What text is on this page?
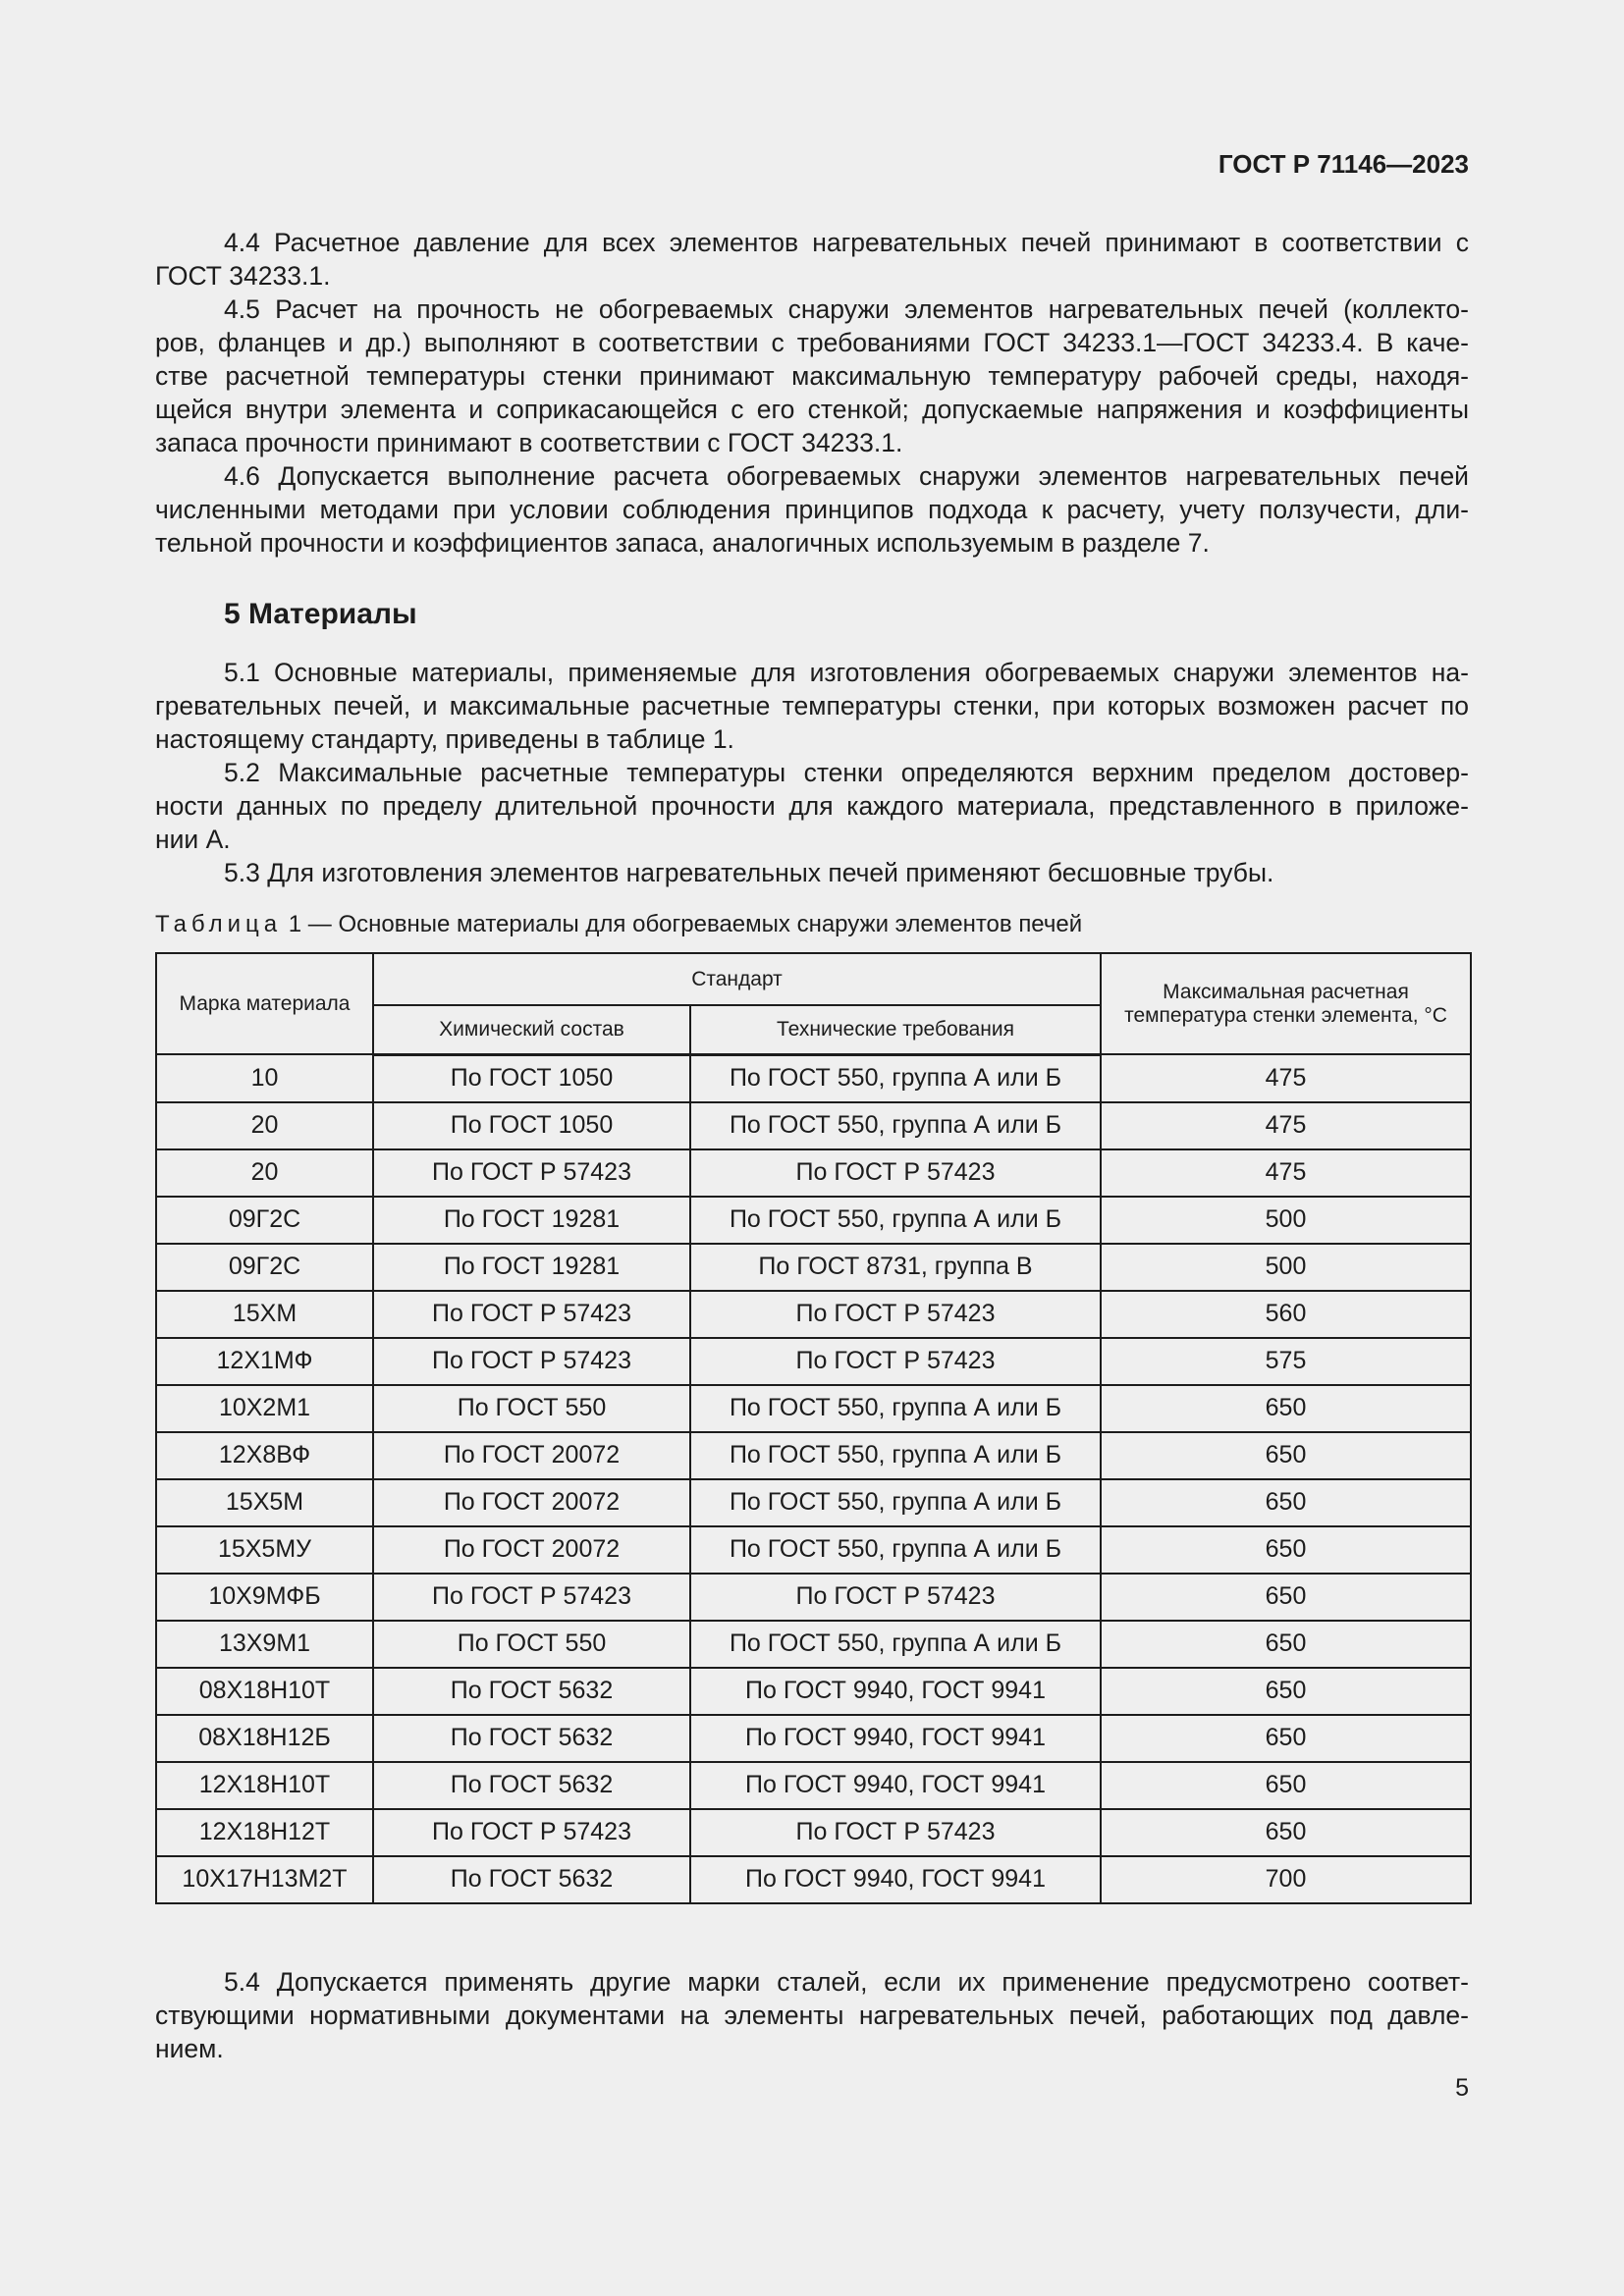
ГОСТ Р 71146—2023

4.4 Расчетное давление для всех элементов нагревательных печей принимают в соответствии с ГОСТ 34233.1.

4.5 Расчет на прочность не обогреваемых снаружи элементов нагревательных печей (коллекто-
ров, фланцев и др.) выполняют в соответствии с требованиями ГОСТ 34233.1—ГОСТ 34233.4. В каче-
стве расчетной температуры стенки принимают максимальную температуру рабочей среды, находя-
щейся внутри элемента и соприкасающейся с его стенкой; допускаемые напряжения и коэффициенты
запаса прочности принимают в соответствии с ГОСТ 34233.1.

4.6 Допускается выполнение расчета обогреваемых снаружи элементов нагревательных печей
численными методами при условии соблюдения принципов подхода к расчету, учету ползучести, дли-
тельной прочности и коэффициентов запаса, аналогичных используемым в разделе 7.

5 Материалы

5.1 Основные материалы, применяемые для изготовления обогреваемых снаружи элементов на-
гревательных печей, и максимальные расчетные температуры стенки, при которых возможен расчет по
настоящему стандарту, приведены в таблице 1.

5.2 Максимальные расчетные температуры стенки определяются верхним пределом достовер-
ности данных по пределу длительной прочности для каждого материала, представленного в приложе-
нии А.

5.3 Для изготовления элементов нагревательных печей применяют бесшовные трубы.

Таблица 1 — Основные материалы для обогреваемых снаружи элементов печей
Марка материала	Стандарт		Максимальная расчетная температура стенки элемента, °С
	Химический состав	Технические требования	
10	По ГОСТ 1050	По ГОСТ 550, группа А или Б	475
20	По ГОСТ 1050	По ГОСТ 550, группа А или Б	475
20	По ГОСТ Р 57423	По ГОСТ Р 57423	475
09Г2С	По ГОСТ 19281	По ГОСТ 550, группа А или Б	500
09Г2С	По ГОСТ 19281	По ГОСТ 8731, группа В	500
15ХМ	По ГОСТ Р 57423	По ГОСТ Р 57423	560
12Х1МФ	По ГОСТ Р 57423	По ГОСТ Р 57423	575
10Х2М1	По ГОСТ 550	По ГОСТ 550, группа А или Б	650
12Х8ВФ	По ГОСТ 20072	По ГОСТ 550, группа А или Б	650
15Х5М	По ГОСТ 20072	По ГОСТ 550, группа А или Б	650
15Х5МУ	По ГОСТ 20072	По ГОСТ 550, группа А или Б	650
10Х9МФБ	По ГОСТ Р 57423	По ГОСТ Р 57423	650
13Х9М1	По ГОСТ 550	По ГОСТ 550, группа А или Б	650
08Х18Н10Т	По ГОСТ 5632	По ГОСТ 9940, ГОСТ 9941	650
08Х18Н12Б	По ГОСТ 5632	По ГОСТ 9940, ГОСТ 9941	650
12Х18Н10Т	По ГОСТ 5632	По ГОСТ 9940, ГОСТ 9941	650
12Х18Н12Т	По ГОСТ Р 57423	По ГОСТ Р 57423	650
10Х17Н13М2Т	По ГОСТ 5632	По ГОСТ 9940, ГОСТ 9941	700

5.4 Допускается применять другие марки сталей, если их применение предусмотрено соответ-
ствующими нормативными документами на элементы нагревательных печей, работающих под давле-
нием.

5
